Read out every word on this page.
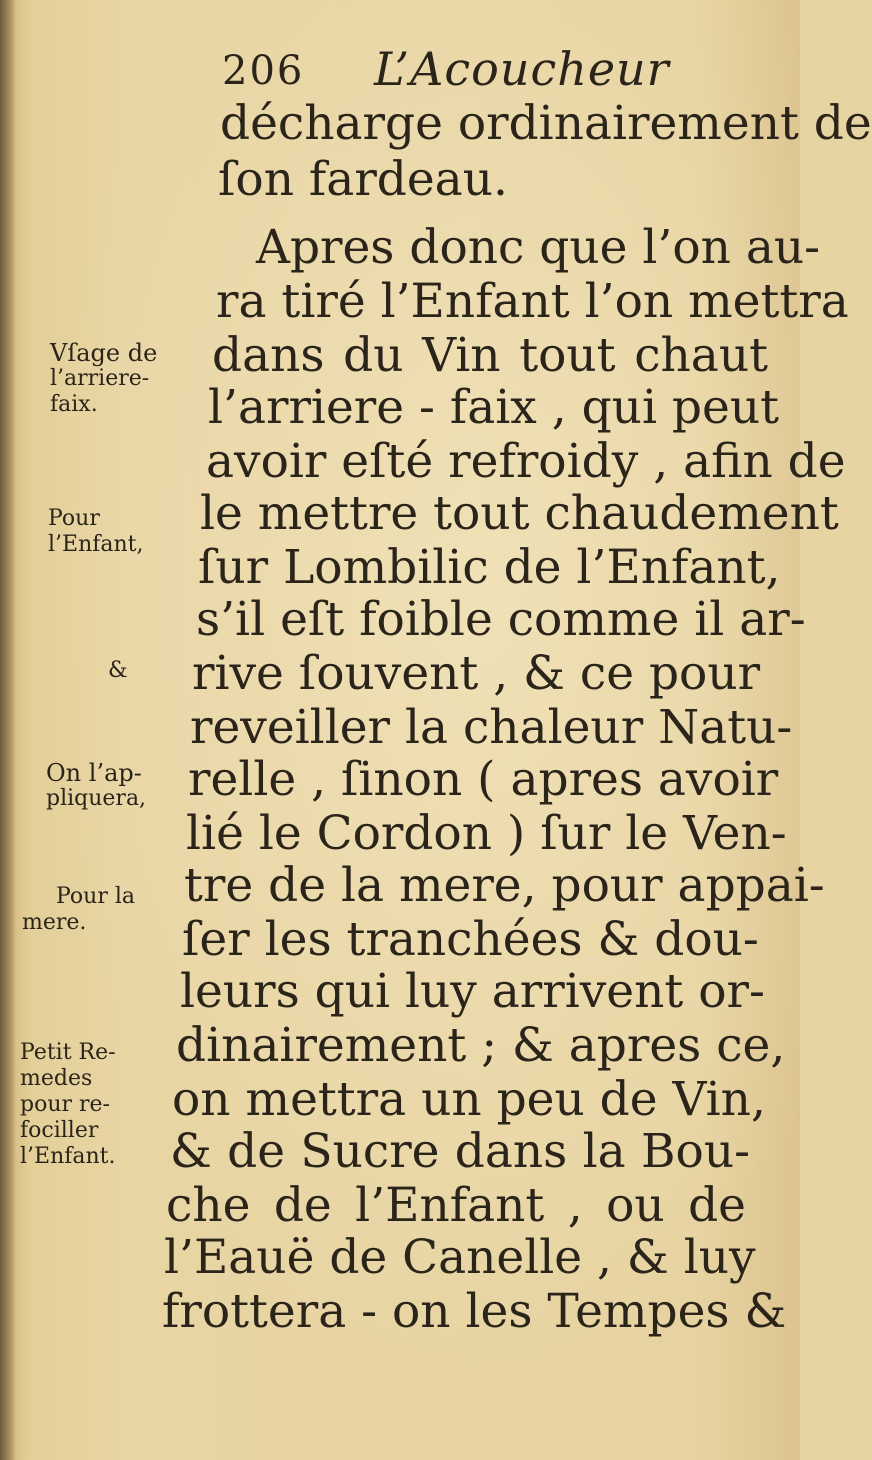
206 L’Acoucheur
décharge ordinairement de
ſon fardeau.
Apres donc que l’on au-
ra tiré l’Enfant l’on mettra
dans du Vin tout chaut
l’arriere - faix , qui peut
avoir eſté refroidy , afin de
le mettre tout chaudement
ſur Lombilic de l’Enfant,
s’il eſt foible comme il ar-
rive ſouvent , & ce pour
reveiller la chaleur Natu-
relle , ſinon ( apres avoir
lié le Cordon ) ſur le Ven-
tre de la mere, pour appai-
ſer les tranchées & dou-
leurs qui luy arrivent or-
dinairement ; & apres ce,
on mettra un peu de Vin,
& de Sucre dans la Bou-
che de l’Enfant , ou de
l’Eauë de Canelle , & luy
frottera - on les Tempes &
Vſage de
l’arriere-
faix.
Pour
l’Enfant,
&
On l’ap-
pliquera,
Pour la
mere.
Petit Re-
medes
pour re-
fociller
l’Enfant.
